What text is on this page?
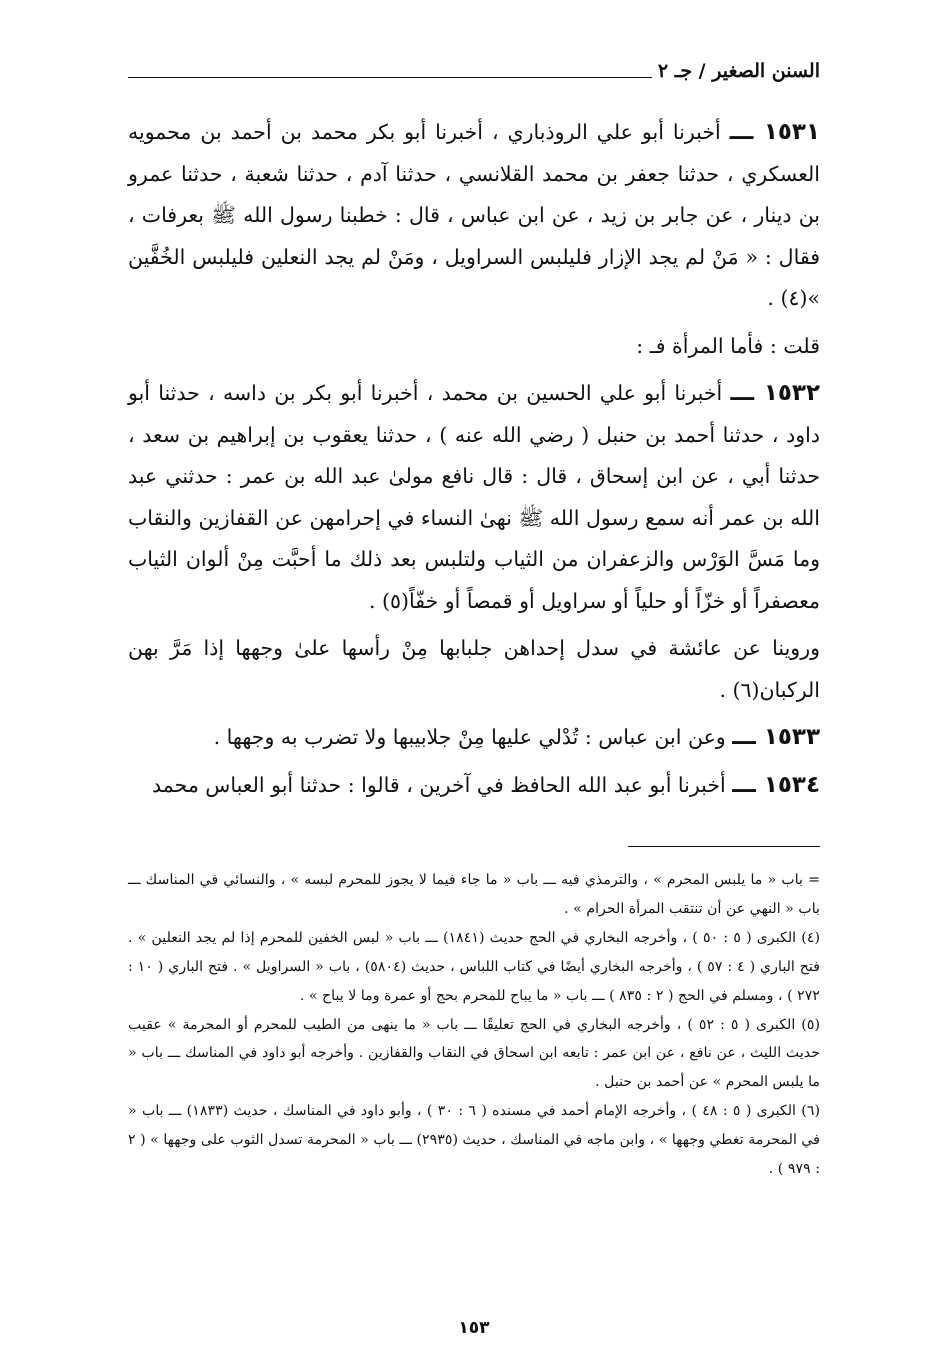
السنن الصغير / جـ ٢

١٥٣١ ـــ أخبرنا أبو علي الروذباري ، أخبرنا أبو بكر محمد بن أحمد بن محمويه العسكري ، حدثنا جعفر بن محمد القلانسي ، حدثنا آدم ، حدثنا شعبة ، حدثنا عمرو بن دينار ، عن جابر بن زيد ، عن ابن عباس ، قال : خطبنا رسول الله ﷺ بعرفات ، فقال : « مَنْ لم يجد الإزار فليلبس السراويل ، ومَنْ لم يجد النعلين فليلبس الخُفَّين »(٤) .

قلت : فأما المرأة فـ :

١٥٣٢ ـــ أخبرنا أبو علي الحسين بن محمد ، أخبرنا أبو بكر بن داسه ، حدثنا أبو داود ، حدثنا أحمد بن حنبل ( رضي الله عنه ) ، حدثنا يعقوب بن إبراهيم بن سعد ، حدثنا أبي ، عن ابن إسحاق ، قال : قال نافع مولىٰ عبد الله بن عمر : حدثني عبد الله بن عمر أنه سمع رسول الله ﷺ نهىٰ النساء في إحرامهن عن القفازين والنقاب وما مَسَّ الوَرْس والزعفران من الثياب ولتلبس بعد ذلك ما أحبَّت مِنْ ألوان الثياب معصفراً أو خزّاً أو حلياً أو سراويل أو قمصاً أو خفّاً(٥) .

وروينا عن عائشة في سدل إحداهن جلبابها مِنْ رأسها علىٰ وجهها إذا مَرَّ بهن الركبان(٦) .

١٥٣٣ ـــ وعن ابن عباس : تُدْلي عليها مِنْ جلابيبها ولا تضرب به وجهها .

١٥٣٤ ـــ أخبرنا أبو عبد الله الحافظ في آخرين ، قالوا : حدثنا أبو العباس محمد

= باب « ما يلبس المحرم » ، والترمذي فيه ـــ باب « ما جاء فيما لا يجوز للمحرم لبسه » ، والنسائي في المناسك ـــ باب « النهي عن أن تنتقب المرأة الحرام » .

(٤) الكبرى ( ٥ : ٥٠ ) ، وأخرجه البخاري في الحج حديث (١٨٤١) ـــ باب « لبس الخفين للمحرم إذا لم يجد النعلين » . فتح الباري ( ٤ : ٥٧ ) ، وأخرجه البخاري أيضًا في كتاب اللباس ، حديث (٥٨٠٤) ، باب « السراويل » . فتح الباري ( ١٠ : ٢٧٢ ) ، ومسلم في الحج ( ٢ : ٨٣٥ ) ـــ باب « ما يباح للمحرم بحج أو عمرة وما لا يباح » .

(٥) الكبرى ( ٥ : ٥٢ ) ، وأخرجه البخاري في الحج تعليقًا ـــ باب « ما ينهى من الطيب للمحرم أو المحرمة » عقيب حديث الليث ، عن نافع ، عن ابن عمر : تابعه ابن اسحاق في النقاب والقفازين . وأخرجه أبو داود في المناسك ـــ باب « ما يلبس المحرم » عن أحمد بن حنبل .

(٦) الكبرى ( ٥ : ٤٨ ) ، وأخرجه الإمام أحمد في مسنده ( ٦ : ٣٠ ) ، وأبو داود في المناسك ، حديث (١٨٣٣) ـــ باب « في المحرمة تغطي وجهها » ، وابن ماجه في المناسك ، حديث (٢٩٣٥) ـــ باب « المحرمة تسدل الثوب على وجهها » ( ٢ : ٩٧٩ ) .

١٥٣
